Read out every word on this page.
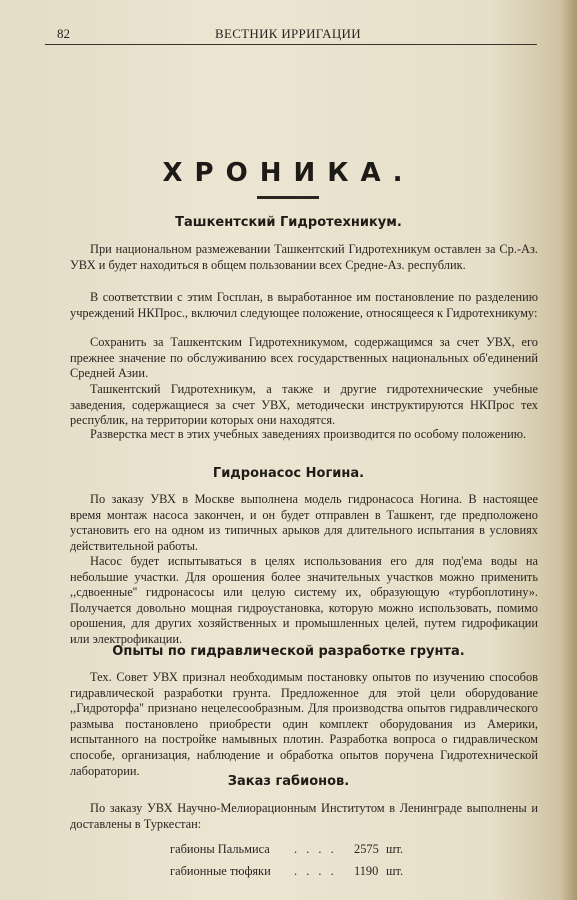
82	ВЕСТНИК ИРРИГАЦИИ
ХРОНИКА.
Ташкентский Гидротехникум.

При национальном размежевании Ташкентский Гидротехникум оставлен за Ср.-Аз. УВХ и будет находиться в общем пользовании всех Средне-Аз. республик.

В соответствии с этим Госплан, в выработанное им постановление по разделению учреждений НКПрос., включил следующее положение, относящееся к Гидротехникуму:

Сохранить за Ташкентским Гидротехникумом, содержащимся за счет УВХ, его прежнее значение по обслуживанию всех государственных национальных об'единений Средней Азии.

Ташкентский Гидротехникум, а также и другие гидротехнические учебные заведения, содержащиеся за счет УВХ, методически инструктируются НКПрос тех республик, на территории которых они находятся.

Разверстка мест в этих учебных заведениях производится по особому положению.

Гидронасос Ногина.

По заказу УВХ в Москве выполнена модель гидронасоса Ногина. В настоящее время монтаж насоса закончен, и он будет отправлен в Ташкент, где предположено установить его на одном из типичных арыков для длительного испытания в условиях действительной работы.

Насос будет испытываться в целях использования его для под'ема воды на небольшие участки. Для орошения более значительных участков можно применить ,,сдвоенные'' гидронасосы или целую систему их, образующую «турбоплотину». Получается довольно мощная гидроустановка, которую можно использовать, помимо орошения, для других хозяйственных и промышленных целей, путем гидрофикации или электрофикации.

Опыты по гидравлической разработке грунта.

Тех. Совет УВХ признал необходимым постановку опытов по изучению способов гидравлической разработки грунта. Предложенное для этой цели оборудование ,,Гидроторфа'' признано нецелесообразным. Для производства опытов гидравлического размыва постановлено приобрести один комплект оборудования из Америки, испытанного на постройке намывных плотин. Разработка вопроса о гидравлическом способе, организация, наблюдение и обработка опытов поручена Гидротехнической лаборатории.

Заказ габионов.

По заказу УВХ Научно-Мелиорационным Институтом в Ленинграде выполнены и доставлены в Туркестан:

габионы Пальмиса . . . . 2575 шт.
габионные тюфяки . . . . 1190 шт.
